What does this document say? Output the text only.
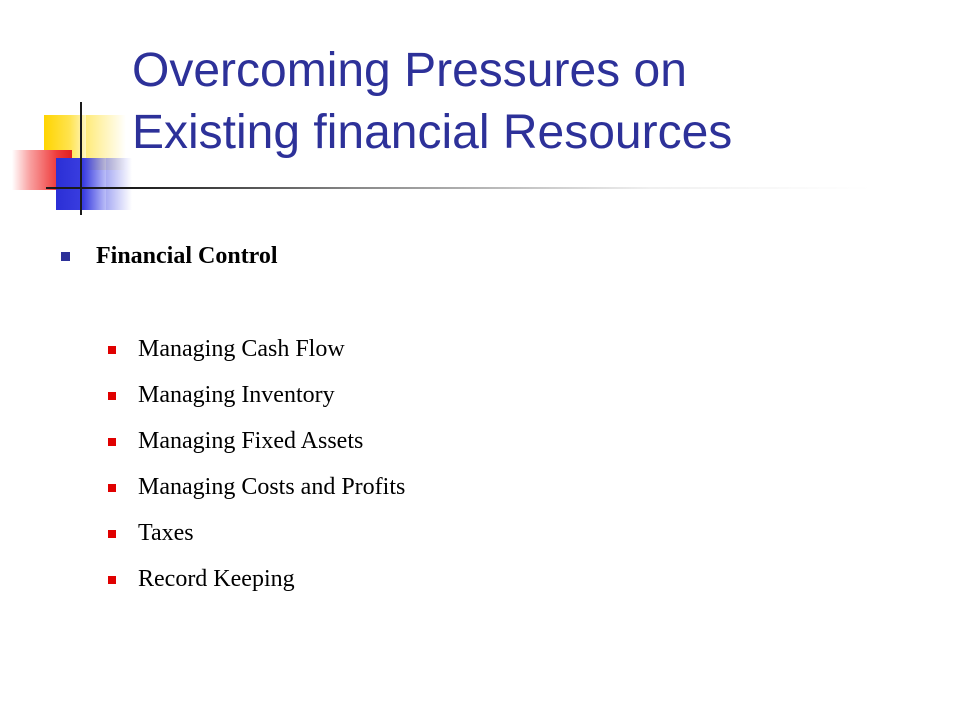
Overcoming Pressures on
Existing financial Resources
Financial Control
Managing Cash Flow
Managing Inventory
Managing Fixed Assets
Managing Costs and Profits
Taxes
Record Keeping
